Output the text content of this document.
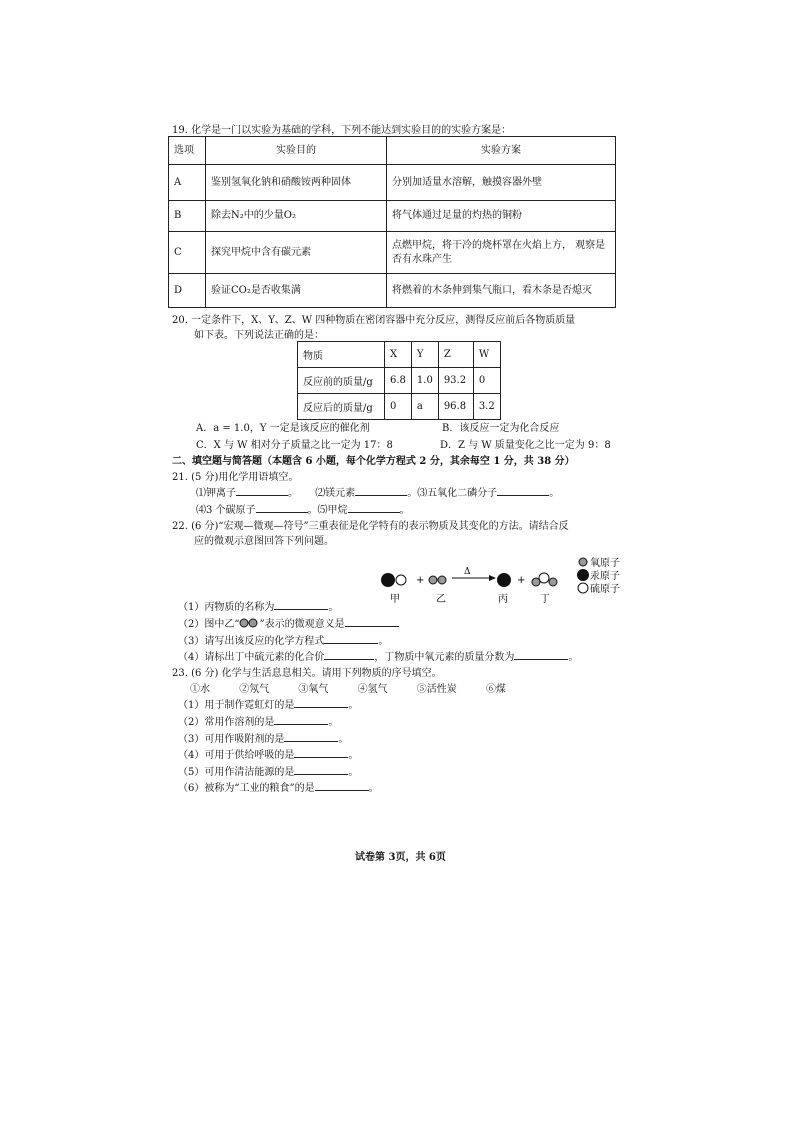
19. 化学是一门以实验为基础的学科，下列不能达到实验目的的实验方案是：
选项	实验目的	实验方案
A	鉴别氢氧化钠和硝酸铵两种固体	分别加适量水溶解，触摸容器外壁
B	除去N₂中的少量O₂	将气体通过足量的灼热的铜粉
C	探究甲烷中含有碳元素	点燃甲烷，将干冷的烧杯罩在火焰上方， 观察是否有水珠产生
D	验证CO₂是否收集满	将燃着的木条伸到集气瓶口，看木条是否熄灭
20. 一定条件下，X、Y、Z、W 四种物质在密闭容器中充分反应，测得反应前后各物质质量
如下表。下列说法正确的是：
物质	X	Y	Z	W
反应前的质量/g	6.8	1.0	93.2	0
反应后的质量/g	0	a	96.8	3.2
A．a = 1.0，Y 一定是该反应的催化剂	B．该反应一定为化合反应
C．X 与 W 相对分子质量之比一定为 17：8	D．Z 与 W 质量变化之比一定为 9：8
二、填空题与简答题（本题含 6 小题，每个化学方程式 2 分，其余每空 1 分，共 38 分）
21. (5 分)用化学用语填空。
⑴钾离子	。 ⑵镁元素	。⑶五氧化二磷分子	。
⑷3 个碳原子	。⑸甲烷	。
22. (6 分)“宏观—微观—符号”三重表征是化学特有的表示物质及其变化的方法。请结合反
应的微观示意图回答下列问题。
+
Δ
+
甲	乙	丙	丁
氧原子
汞原子
硫原子
（1）丙物质的名称为	。
（2）图中乙“ ”表示的微观意义是
（3）请写出该反应的化学方程式	。
（4）请标出丁中硫元素的化合价	，丁物质中氧元素的质量分数为	。
23. (6 分) 化学与生活息息相关。请用下列物质的序号填空。
①水	②氖气	③氧气	④氢气	⑤活性炭	⑥煤
（1）用于制作霓虹灯的是	。
（2）常用作溶剂的是	。
（3）可用作吸附剂的是	。
（4）可用于供给呼吸的是	。
（5）可用作清洁能源的是	。
（6）被称为“工业的粮食”的是	。
试卷第 3页，共 6页
